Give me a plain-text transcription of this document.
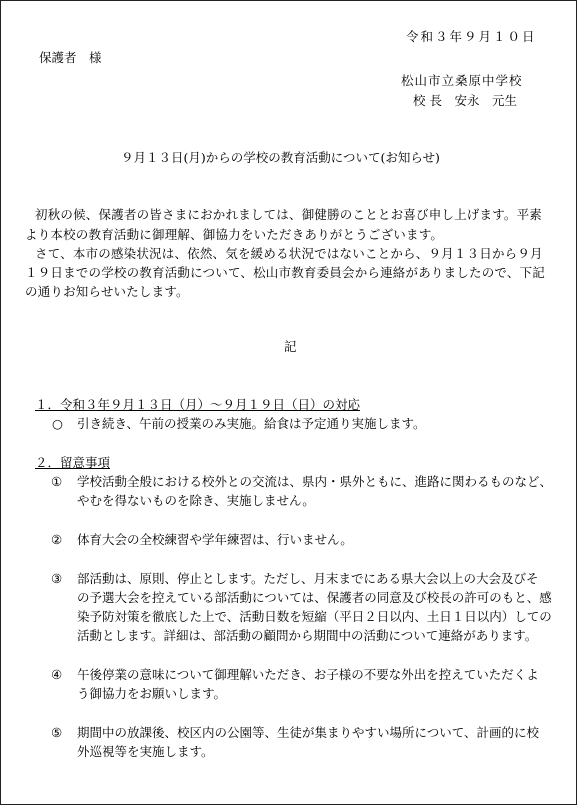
令和３年９月１０日
保護者　様
松山市立桑原中学校
校 長　安永　元生
９月１３日(月)からの学校の教育活動について(お知らせ)
初秋の候、保護者の皆さまにおかれましては、御健勝のこととお喜び申し上げます。平素
より本校の教育活動に御理解、御協力をいただきありがとうございます。
さて、本市の感染状況は、依然、気を緩める状況ではないことから、９月１３日から９月
１９日までの学校の教育活動について、松山市教育委員会から連絡がありましたので、下記
の通りお知らせいたします。
記
１．令和３年９月１３日（月）～９月１９日（日）の対応
○ 引き続き、午前の授業のみ実施。給食は予定通り実施します。
２．留意事項
① 学校活動全般における校外との交流は、県内・県外ともに、進路に関わるものなど、
やむを得ないものを除き、実施しません。
② 体育大会の全校練習や学年練習は、行いません。
③ 部活動は、原則、停止とします。ただし、月末までにある県大会以上の大会及びそ
の予選大会を控えている部活動については、保護者の同意及び校長の許可のもと、感
染予防対策を徹底した上で、活動日数を短縮（平日２日以内、土日１日以内）しての
活動とします。詳細は、部活動の顧問から期間中の活動について連絡があります。
④ 午後停業の意味について御理解いただき、お子様の不要な外出を控えていただくよ
う御協力をお願いします。
⑤ 期間中の放課後、校区内の公園等、生徒が集まりやすい場所について、計画的に校
外巡視等を実施します。
